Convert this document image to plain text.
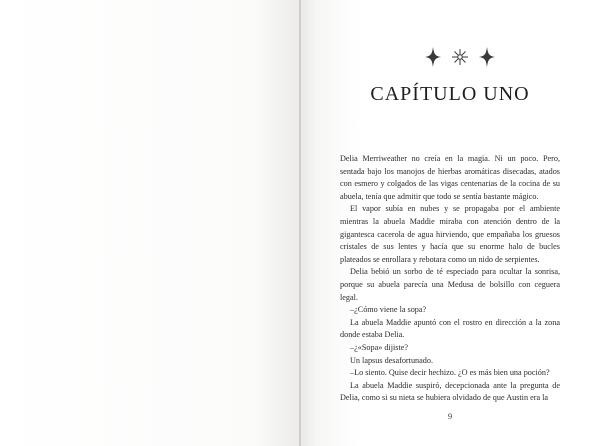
CAPÍTULO UNO

Delia Merriweather no creía en la magia. Ni un poco. Pero, sentada bajo los manojos de hierbas aromáticas disecadas, atados con esmero y colgados de las vigas centenarias de la cocina de su abuela, tenía que admitir que todo se sentía bastante mágico.

El vapor subía en nubes y se propagaba por el ambiente mientras la abuela Maddie miraba con atención dentro de la gigantesca cacerola de agua hirviendo, que empañaba los gruesos cristales de sus lentes y hacía que su enorme halo de bucles plateados se enrollara y rebotara como un nido de serpientes.

Delia bebió un sorbo de té especiado para ocultar la sonrisa, porque su abuela parecía una Medusa de bolsillo con ceguera legal.

–¿Cómo viene la sopa?

La abuela Maddie apuntó con el rostro en dirección a la zona donde estaba Delia.

–¿«Sopa» dijiste?

Un lapsus desafortunado.

–Lo siento. Quise decir hechizo. ¿O es más bien una poción?

La abuela Maddie suspiró, decepcionada ante la pregunta de Delia, como si su nieta se hubiera olvidado de que Austin era la

9
